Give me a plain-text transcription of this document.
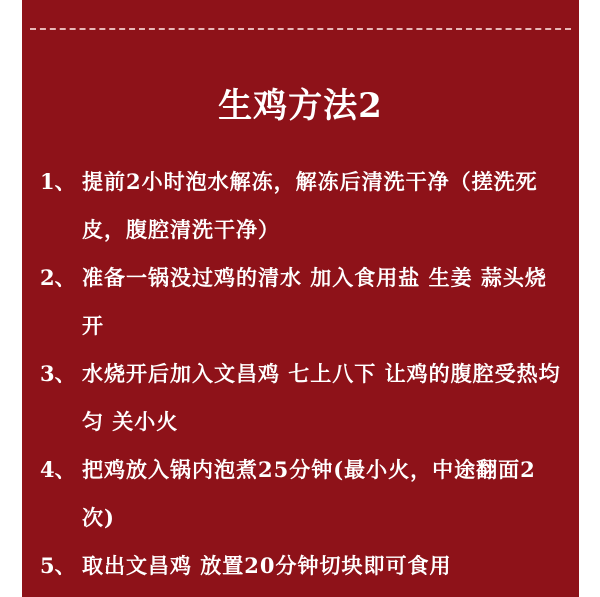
生鸡方法2
1、 提前2小时泡水解冻，解冻后清洗干净（搓洗死皮，腹腔清洗干净）
2、 准备一锅没过鸡的清水 加入食用盐 生姜 蒜头烧开
3、 水烧开后加入文昌鸡 七上八下 让鸡的腹腔受热均匀 关小火
4、 把鸡放入锅内泡煮25分钟(最小火，中途翻面2次)
5、 取出文昌鸡 放置20分钟切块即可食用
